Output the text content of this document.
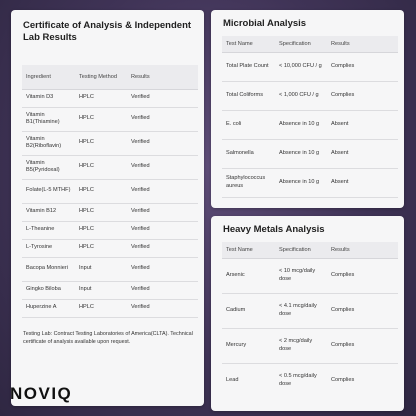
Certificate of Analysis & Independent Lab Results
Ingredient	Testing Method	Results
Vitamin D3	HPLC	Verified
Vitamin B1(Thiamine)	HPLC	Verified
Vitamin B2(Riboflavin)	HPLC	Verified
Vitamin B5(Pyridoxal)	HPLC	Verified
Folate(L-5 MTHF)	HPLC	Verified
Vitamin B12	HPLC	Verified
L-Theanine	HPLC	Verified
L-Tyrosine	HPLC	Verified
Bacopa Monnieri	Input	Verified
Gingko Biloba	Input	Verified
Huperzine A	HPLC	Verified
Testing Lab: Contract Testing Laboratories of America(CLTA). Technical certificate of analysis available upon request.
Microbial Analysis
Test Name	Specification	Results
Total Plate Count	< 10,000 CFU / g	Complies
Total Coliforms	< 1,000 CFU / g	Complies
E. coli	Absence in 10 g	Absent
Salmonella	Absence in 10 g	Absent
Staphylococcus aureus	Absence in 10 g	Absent
Heavy Metals Analysis
Test Name	Specification	Results
Arsenic	< 10 mcg/daily dose	Complies
Cadium	< 4.1 mcg/daily dose	Complies
Mercury	< 2 mcg/daily dose	Complies
Lead	< 0.5 mcg/daily dose	Complies
NOVIQ
